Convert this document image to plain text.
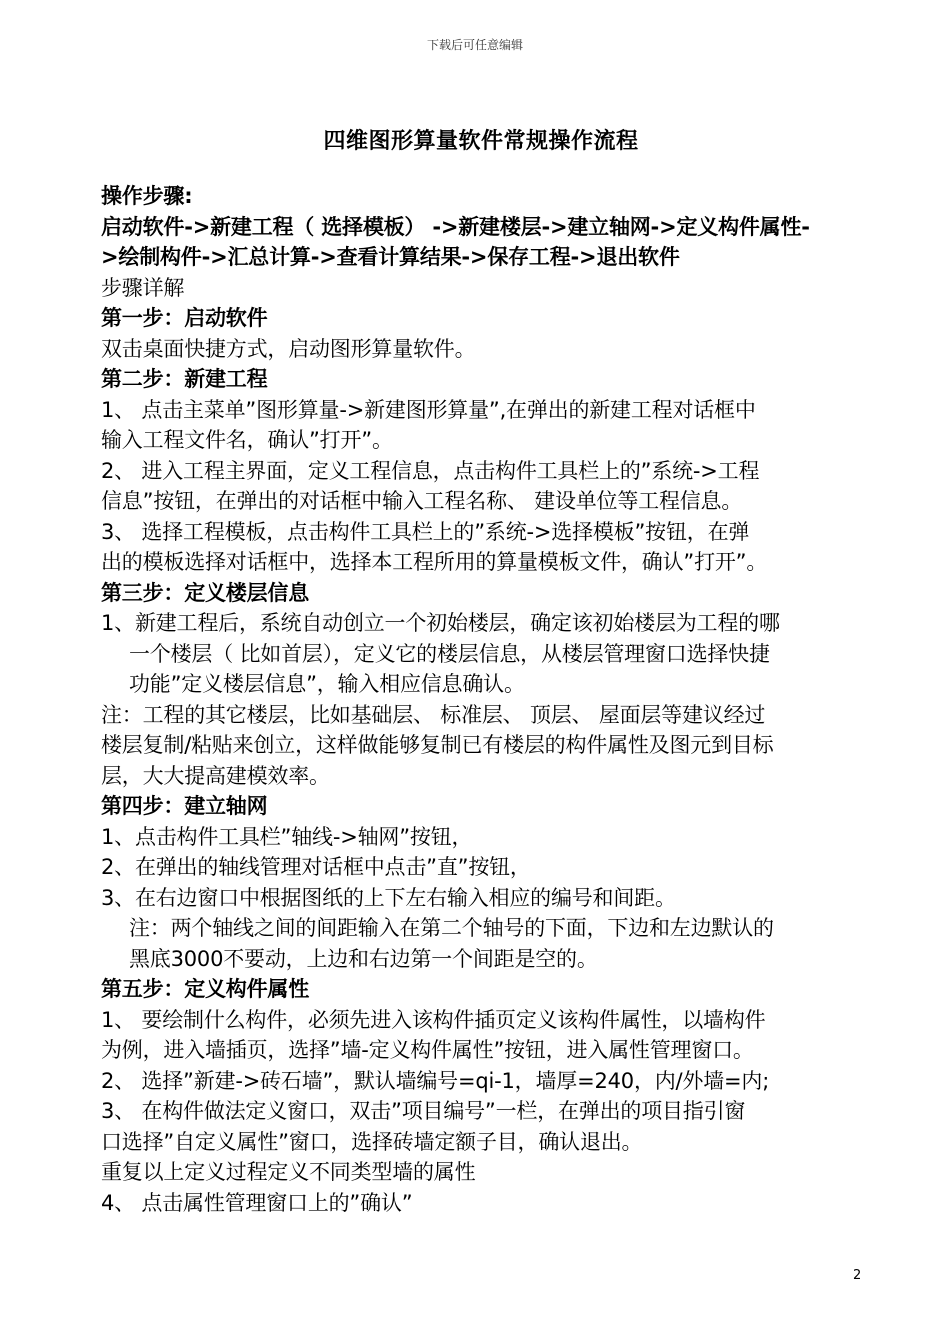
下载后可任意编辑
四维图形算量软件常规操作流程
操作步骤:
启动软件->新建工程（ 选择模板） ->新建楼层->建立轴网->定义构件属性-
>绘制构件->汇总计算->查看计算结果->保存工程->退出软件
步骤详解
第一步：启动软件
双击桌面快捷方式，启动图形算量软件。
第二步：新建工程
1、 点击主菜单”图形算量->新建图形算量”,在弹出的新建工程对话框中
输入工程文件名，确认”打开”。
2、 进入工程主界面，定义工程信息，点击构件工具栏上的”系统->工程
信息”按钮，在弹出的对话框中输入工程名称、 建设单位等工程信息。
3、 选择工程模板，点击构件工具栏上的”系统->选择模板”按钮，在弹
出的模板选择对话框中，选择本工程所用的算量模板文件，确认”打开”。
第三步：定义楼层信息
1、新建工程后，系统自动创立一个初始楼层，确定该初始楼层为工程的哪
一个楼层（ 比如首层），定义它的楼层信息，从楼层管理窗口选择快捷
功能”定义楼层信息”，输入相应信息确认。
注：工程的其它楼层，比如基础层、 标准层、 顶层、 屋面层等建议经过
楼层复制/粘贴来创立，这样做能够复制已有楼层的构件属性及图元到目标
层，大大提高建模效率。
第四步：建立轴网
1、点击构件工具栏”轴线->轴网”按钮，
2、在弹出的轴线管理对话框中点击”直”按钮，
3、在右边窗口中根据图纸的上下左右输入相应的编号和间距。
注：两个轴线之间的间距输入在第二个轴号的下面，下边和左边默认的
黑底3000不要动，上边和右边第一个间距是空的。
第五步：定义构件属性
1、 要绘制什么构件，必须先进入该构件插页定义该构件属性，以墙构件
为例，进入墙插页，选择”墙-定义构件属性”按钮，进入属性管理窗口。
2、 选择”新建->砖石墙”，默认墙编号=qi-1，墙厚=240，内/外墙=内;
3、 在构件做法定义窗口，双击”项目编号”一栏，在弹出的项目指引窗
口选择”自定义属性”窗口，选择砖墙定额子目，确认退出。
重复以上定义过程定义不同类型墙的属性
4、 点击属性管理窗口上的”确认”
2
